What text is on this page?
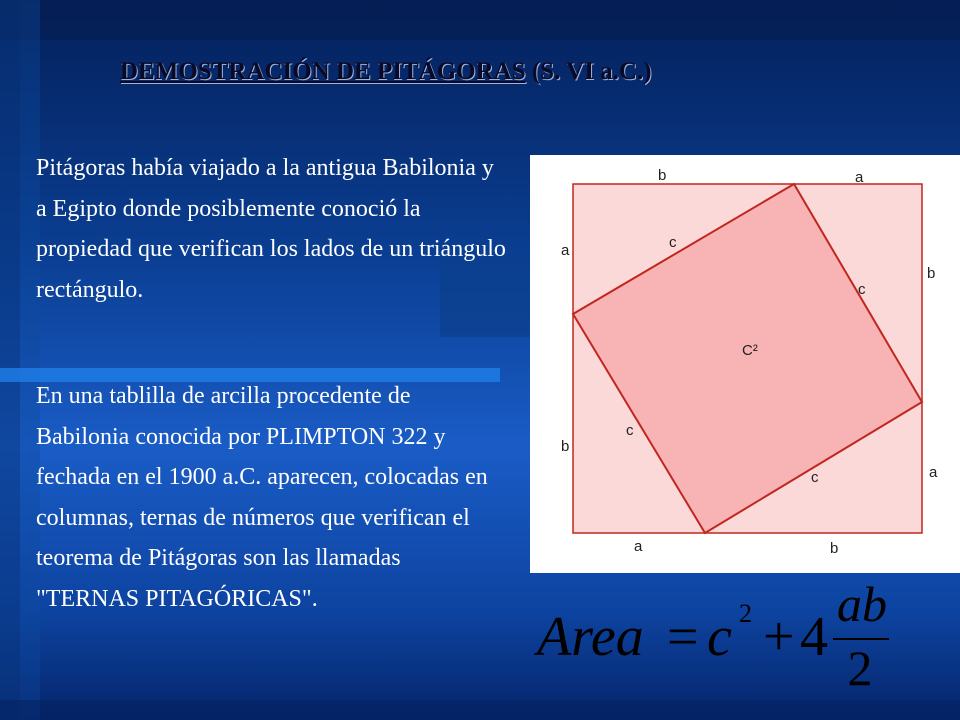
DEMOSTRACIÓN DE PITÁGORAS (S. VI a.C.)

Pitágoras había viajado a la antigua Babilonia y a Egipto donde posiblemente conoció la propiedad que verifican los lados de un triángulo rectángulo.

En una tablilla de arcilla procedente de Babilonia conocida por PLIMPTON 322 y fechada en el 1900 a.C. aparecen, colocadas en columnas, ternas de números que verifican el teorema de Pitágoras son las llamadas "TERNAS PITAGÓRICAS".

b	a
a
b
b
a
a	b
c
c
c
c
C²
Area = c 2 + 4
ab
2
